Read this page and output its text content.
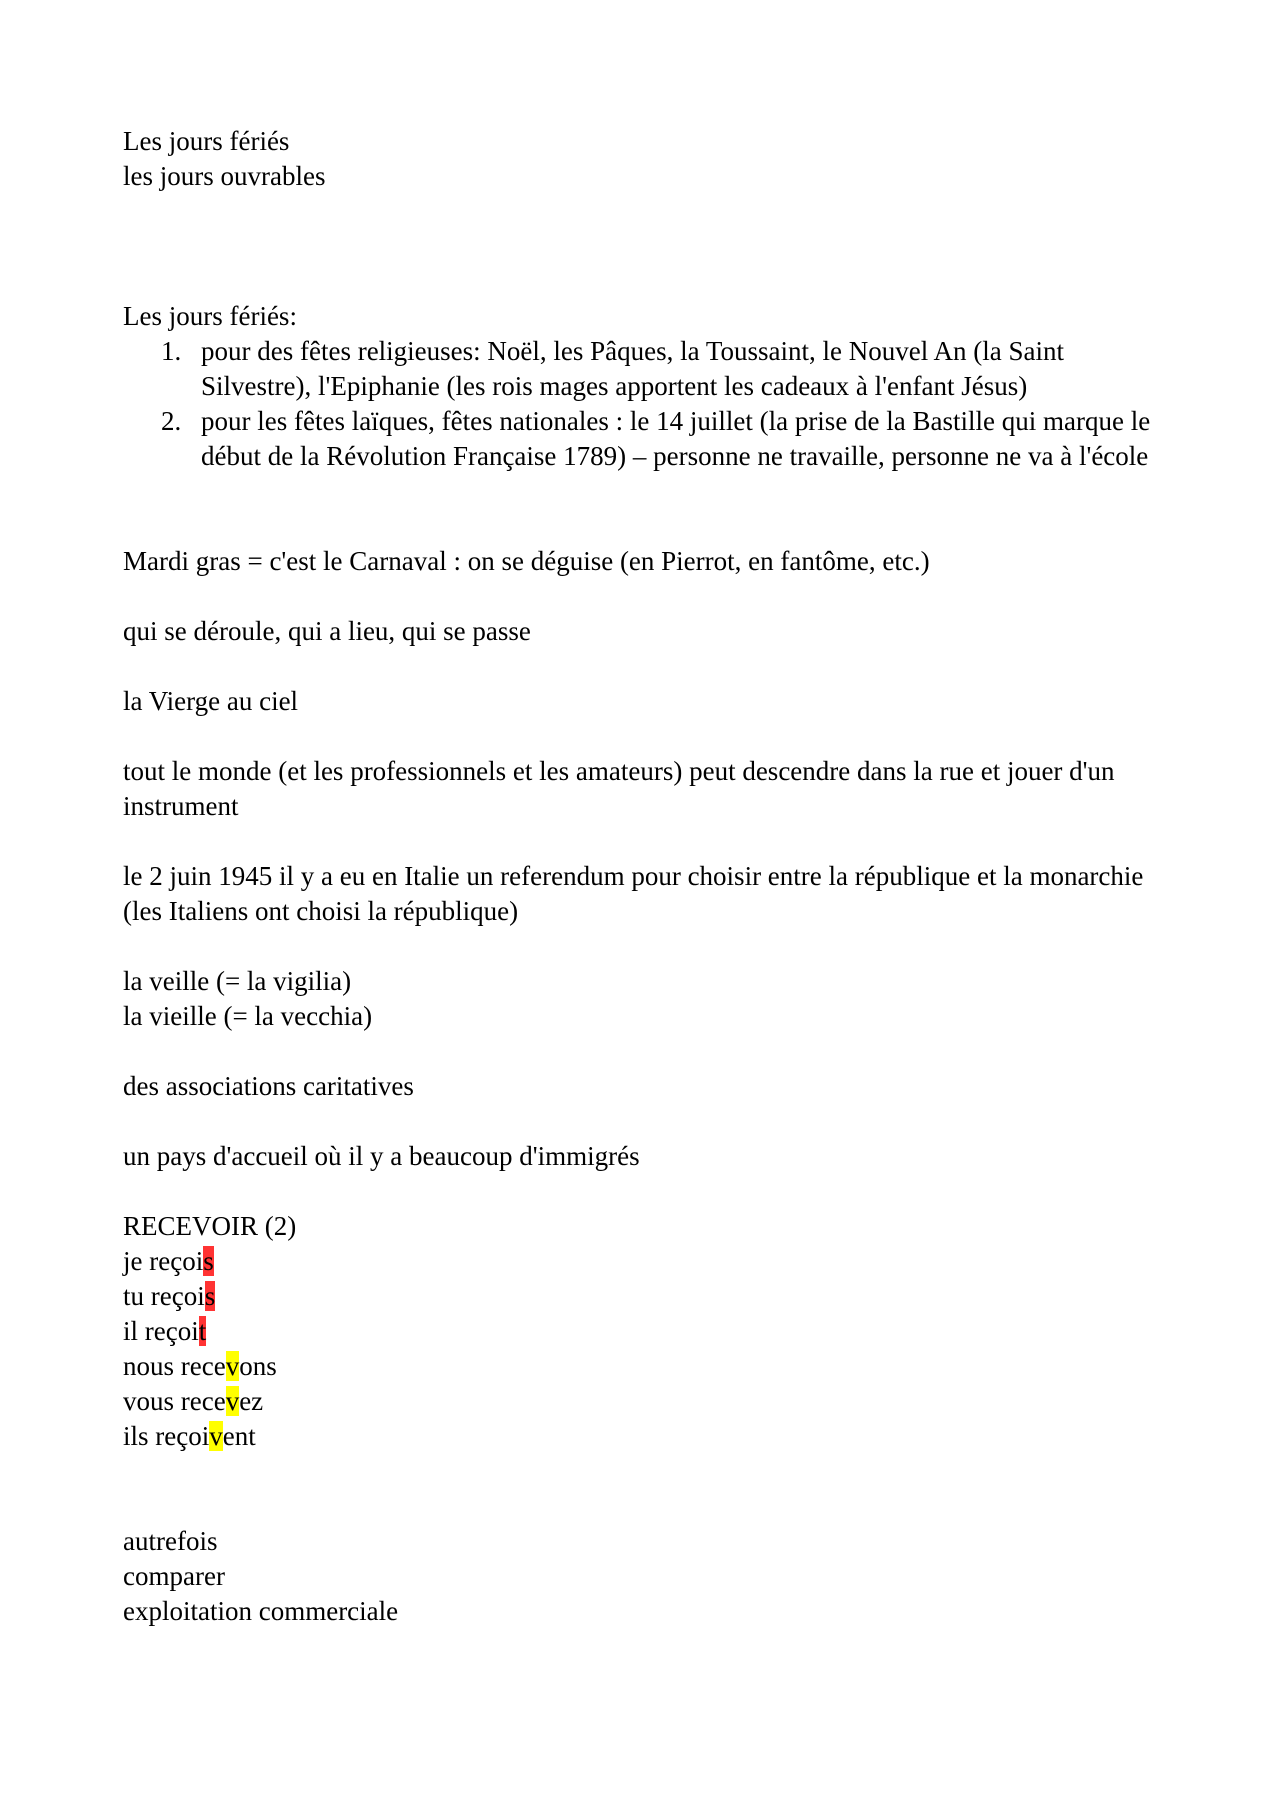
Les jours fériés
les jours ouvrables
Les jours fériés:
1. pour des fêtes religieuses: Noël, les Pâques, la Toussaint, le Nouvel An (la Saint Silvestre), l'Epiphanie (les rois mages apportent les cadeaux à l'enfant Jésus)
2. pour les fêtes laïques, fêtes nationales : le 14 juillet (la prise de la Bastille qui marque le début de la Révolution Française 1789) – personne ne travaille, personne ne va à l'école
Mardi gras = c'est le Carnaval : on se déguise (en Pierrot, en fantôme, etc.)
qui se déroule, qui a lieu, qui se passe
la Vierge au ciel
tout le monde (et les professionnels et les amateurs) peut descendre dans la rue et jouer d'un instrument
le 2 juin 1945 il y a eu en Italie un referendum pour choisir entre la république et la monarchie (les Italiens ont choisi la république)
la veille (= la vigilia)
la vieille (= la vecchia)
des associations caritatives
un pays d'accueil où il y a beaucoup d'immigrés
RECEVOIR (2)
je reçois
tu reçois
il reçoit
nous recevons
vous recevez
ils reçoivent
autrefois
comparer
exploitation commerciale
